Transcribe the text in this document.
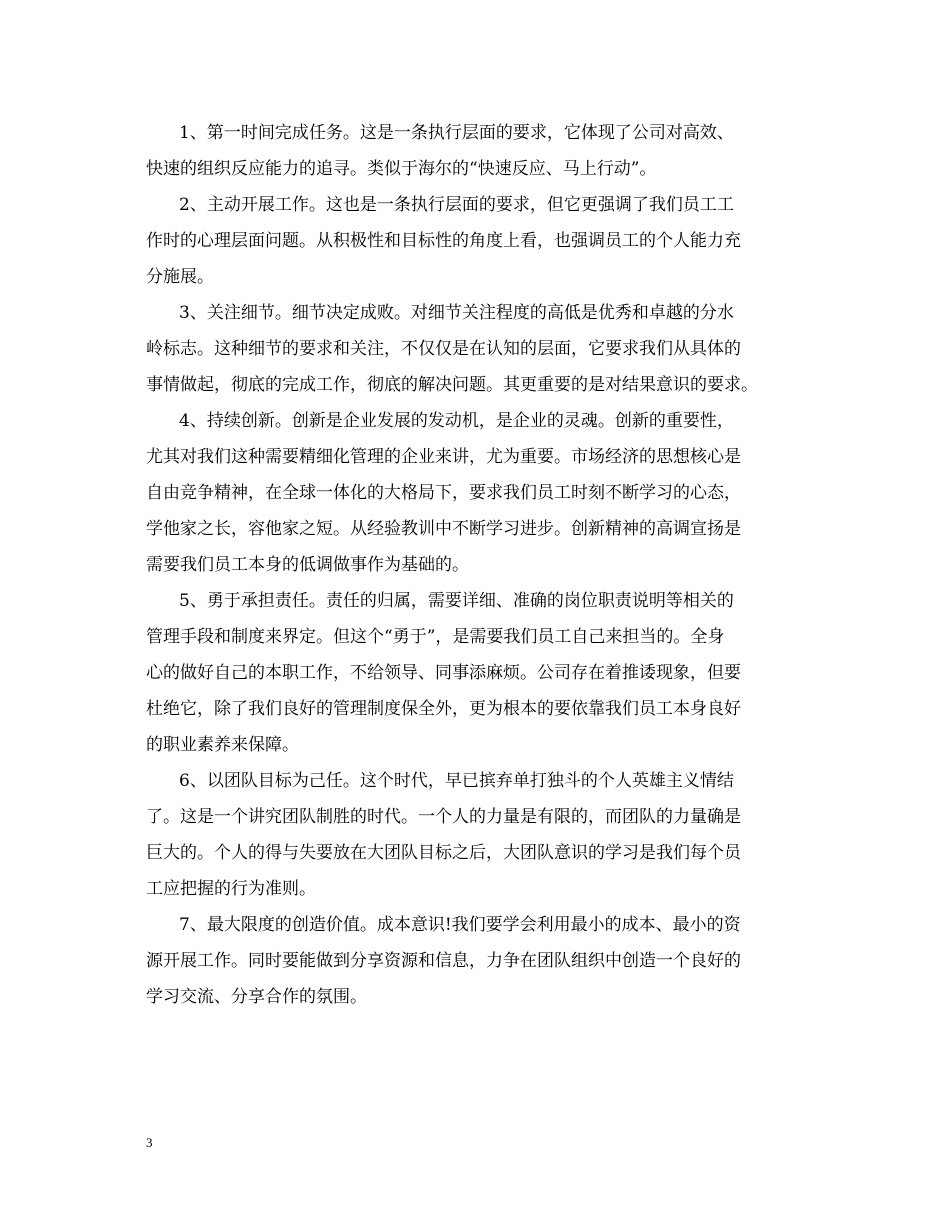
1、第一时间完成任务。这是一条执行层面的要求，它体现了公司对高效、
快速的组织反应能力的追寻。类似于海尔的“快速反应、马上行动”。
2、主动开展工作。这也是一条执行层面的要求，但它更强调了我们员工工
作时的心理层面问题。从积极性和目标性的角度上看，也强调员工的个人能力充
分施展。
3、关注细节。细节决定成败。对细节关注程度的高低是优秀和卓越的分水
岭标志。这种细节的要求和关注，不仅仅是在认知的层面，它要求我们从具体的
事情做起，彻底的完成工作，彻底的解决问题。其更重要的是对结果意识的要求。
4、持续创新。创新是企业发展的发动机，是企业的灵魂。创新的重要性，
尤其对我们这种需要精细化管理的企业来讲，尤为重要。市场经济的思想核心是
自由竞争精神，在全球一体化的大格局下，要求我们员工时刻不断学习的心态，
学他家之长，容他家之短。从经验教训中不断学习进步。创新精神的高调宣扬是
需要我们员工本身的低调做事作为基础的。
5、勇于承担责任。责任的归属，需要详细、准确的岗位职责说明等相关的
管理手段和制度来界定。但这个“勇于”，是需要我们员工自己来担当的。全身
心的做好自己的本职工作，不给领导、同事添麻烦。公司存在着推诿现象，但要
杜绝它，除了我们良好的管理制度保全外，更为根本的要依靠我们员工本身良好
的职业素养来保障。
6、以团队目标为己任。这个时代，早已摈弃单打独斗的个人英雄主义情结
了。这是一个讲究团队制胜的时代。一个人的力量是有限的，而团队的力量确是
巨大的。个人的得与失要放在大团队目标之后，大团队意识的学习是我们每个员
工应把握的行为准则。
7、最大限度的创造价值。成本意识!我们要学会利用最小的成本、最小的资
源开展工作。同时要能做到分享资源和信息，力争在团队组织中创造一个良好的
学习交流、分享合作的氛围。
3
